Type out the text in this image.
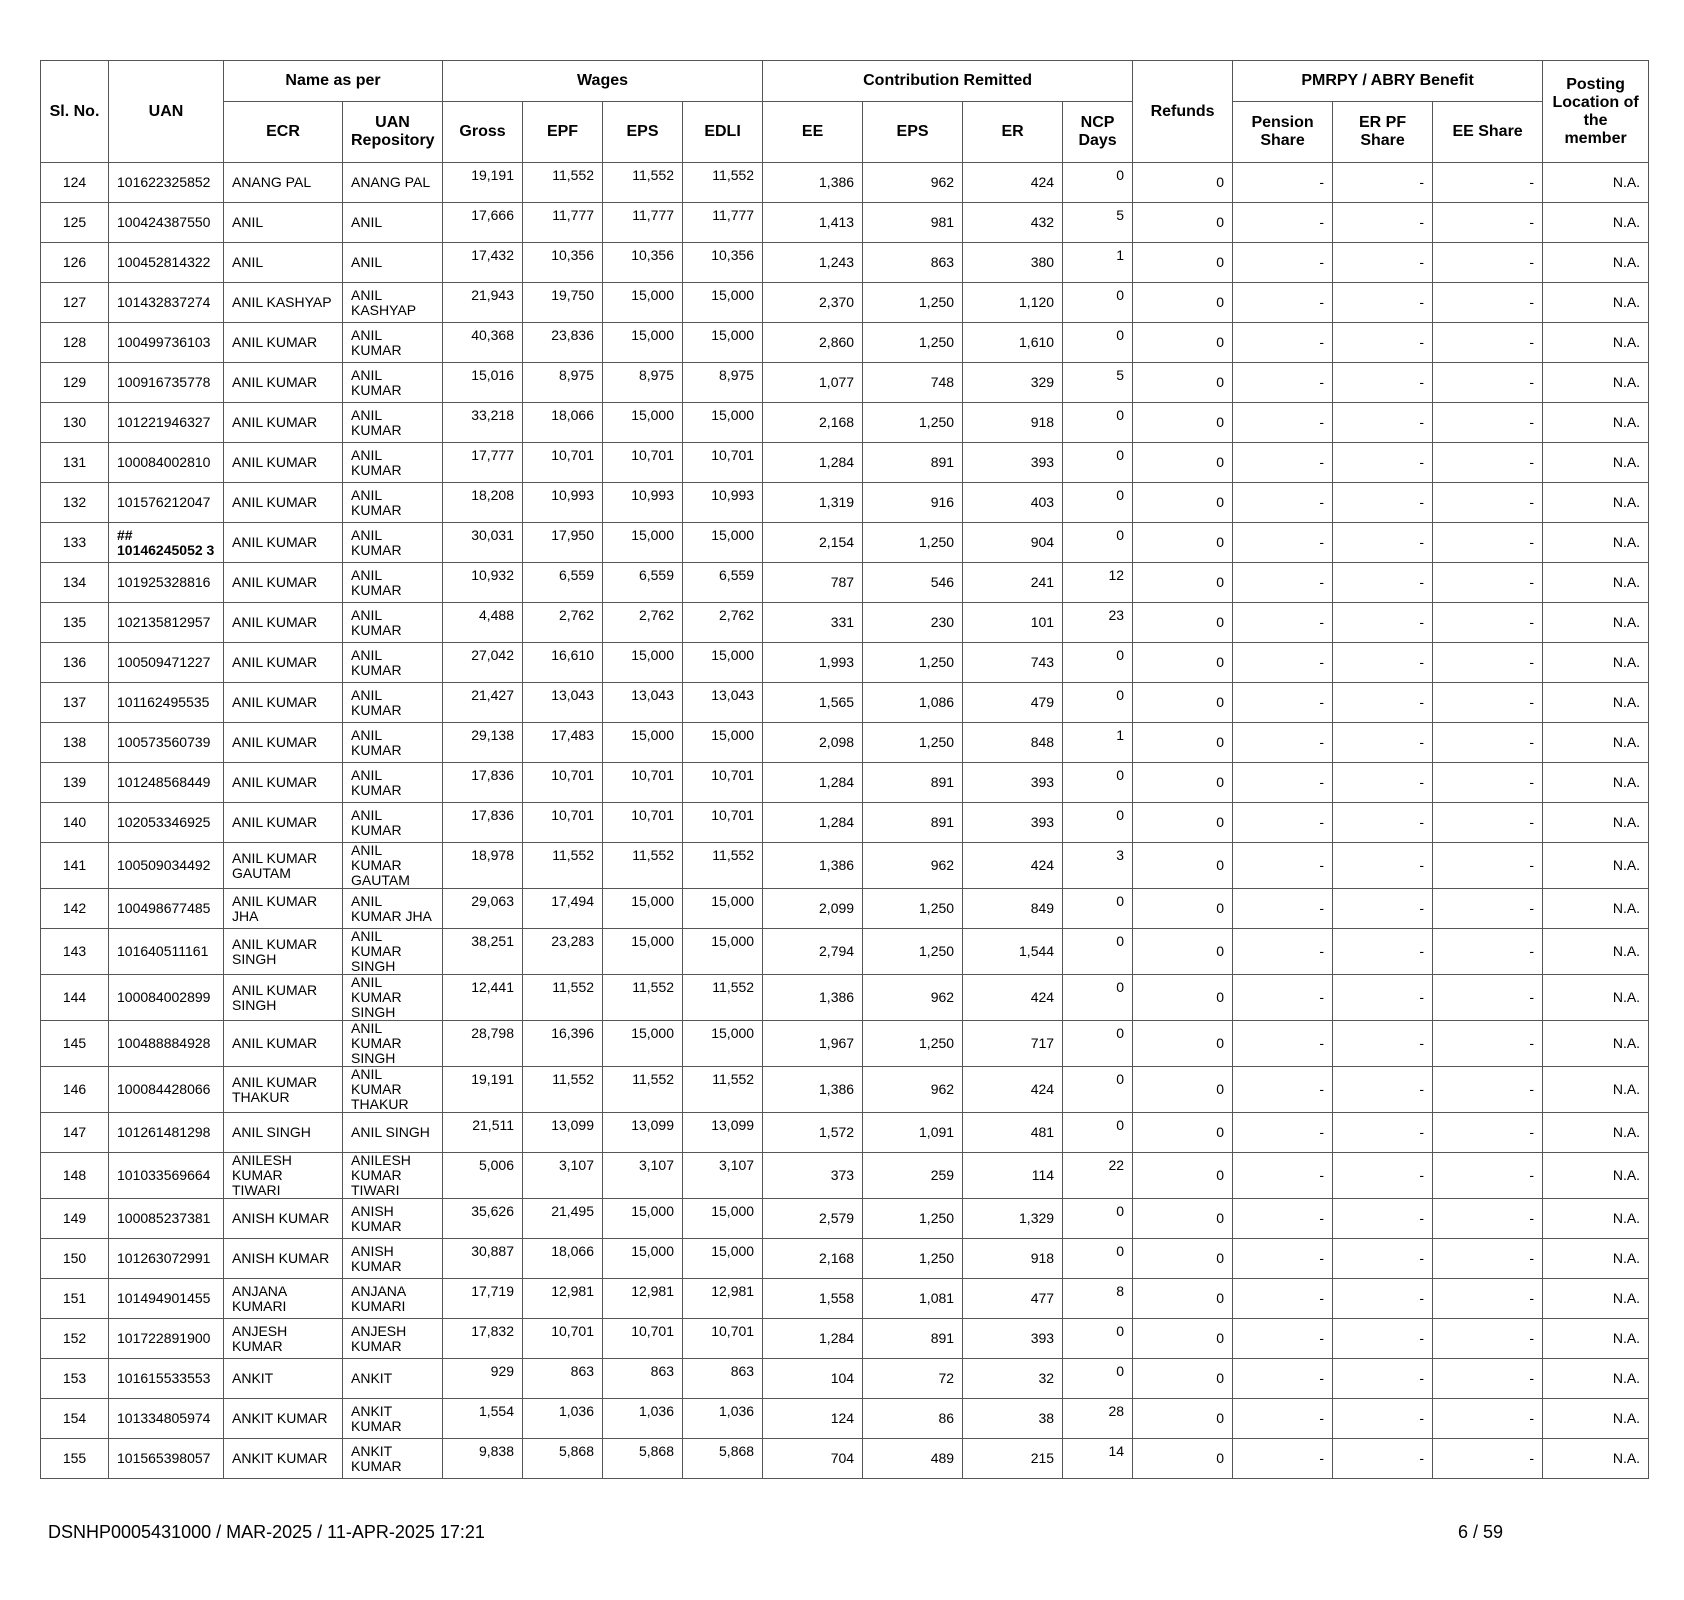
Sl. No.	UAN	Name as per		Wages				Contribution Remitted				Refunds	PMRPY / ABRY Benefit			Posting Location of the member
		ECR	UAN Repository	Gross	EPF	EPS	EDLI	EE	EPS	ER	NCP Days		Pension Share	ER PF Share	EE Share	
124	101622325852	ANANG PAL	ANANG PAL	19,191	11,552	11,552	11,552	1,386	962	424	0	0	-	-	-	N.A.
125	100424387550	ANIL	ANIL	17,666	11,777	11,777	11,777	1,413	981	432	5	0	-	-	-	N.A.
126	100452814322	ANIL	ANIL	17,432	10,356	10,356	10,356	1,243	863	380	1	0	-	-	-	N.A.
127	101432837274	ANIL KASHYAP	ANIL KASHYAP	21,943	19,750	15,000	15,000	2,370	1,250	1,120	0	0	-	-	-	N.A.
128	100499736103	ANIL KUMAR	ANIL KUMAR	40,368	23,836	15,000	15,000	2,860	1,250	1,610	0	0	-	-	-	N.A.
129	100916735778	ANIL KUMAR	ANIL KUMAR	15,016	8,975	8,975	8,975	1,077	748	329	5	0	-	-	-	N.A.
130	101221946327	ANIL KUMAR	ANIL KUMAR	33,218	18,066	15,000	15,000	2,168	1,250	918	0	0	-	-	-	N.A.
131	100084002810	ANIL KUMAR	ANIL KUMAR	17,777	10,701	10,701	10,701	1,284	891	393	0	0	-	-	-	N.A.
132	101576212047	ANIL KUMAR	ANIL KUMAR	18,208	10,993	10,993	10,993	1,319	916	403	0	0	-	-	-	N.A.
133	## 10146245052 3	ANIL KUMAR	ANIL KUMAR	30,031	17,950	15,000	15,000	2,154	1,250	904	0	0	-	-	-	N.A.
134	101925328816	ANIL KUMAR	ANIL KUMAR	10,932	6,559	6,559	6,559	787	546	241	12	0	-	-	-	N.A.
135	102135812957	ANIL KUMAR	ANIL KUMAR	4,488	2,762	2,762	2,762	331	230	101	23	0	-	-	-	N.A.
136	100509471227	ANIL KUMAR	ANIL KUMAR	27,042	16,610	15,000	15,000	1,993	1,250	743	0	0	-	-	-	N.A.
137	101162495535	ANIL KUMAR	ANIL KUMAR	21,427	13,043	13,043	13,043	1,565	1,086	479	0	0	-	-	-	N.A.
138	100573560739	ANIL KUMAR	ANIL KUMAR	29,138	17,483	15,000	15,000	2,098	1,250	848	1	0	-	-	-	N.A.
139	101248568449	ANIL KUMAR	ANIL KUMAR	17,836	10,701	10,701	10,701	1,284	891	393	0	0	-	-	-	N.A.
140	102053346925	ANIL KUMAR	ANIL KUMAR	17,836	10,701	10,701	10,701	1,284	891	393	0	0	-	-	-	N.A.
141	100509034492	ANIL KUMAR GAUTAM	ANIL KUMAR GAUTAM	18,978	11,552	11,552	11,552	1,386	962	424	3	0	-	-	-	N.A.
142	100498677485	ANIL KUMAR JHA	ANIL KUMAR JHA	29,063	17,494	15,000	15,000	2,099	1,250	849	0	0	-	-	-	N.A.
143	101640511161	ANIL KUMAR SINGH	ANIL KUMAR SINGH	38,251	23,283	15,000	15,000	2,794	1,250	1,544	0	0	-	-	-	N.A.
144	100084002899	ANIL KUMAR SINGH	ANIL KUMAR SINGH	12,441	11,552	11,552	11,552	1,386	962	424	0	0	-	-	-	N.A.
145	100488884928	ANIL KUMAR	ANIL KUMAR SINGH	28,798	16,396	15,000	15,000	1,967	1,250	717	0	0	-	-	-	N.A.
146	100084428066	ANIL KUMAR THAKUR	ANIL KUMAR THAKUR	19,191	11,552	11,552	11,552	1,386	962	424	0	0	-	-	-	N.A.
147	101261481298	ANIL SINGH	ANIL SINGH	21,511	13,099	13,099	13,099	1,572	1,091	481	0	0	-	-	-	N.A.
148	101033569664	ANILESH KUMAR TIWARI	ANILESH KUMAR TIWARI	5,006	3,107	3,107	3,107	373	259	114	22	0	-	-	-	N.A.
149	100085237381	ANISH KUMAR	ANISH KUMAR	35,626	21,495	15,000	15,000	2,579	1,250	1,329	0	0	-	-	-	N.A.
150	101263072991	ANISH KUMAR	ANISH KUMAR	30,887	18,066	15,000	15,000	2,168	1,250	918	0	0	-	-	-	N.A.
151	101494901455	ANJANA KUMARI	ANJANA KUMARI	17,719	12,981	12,981	12,981	1,558	1,081	477	8	0	-	-	-	N.A.
152	101722891900	ANJESH KUMAR	ANJESH KUMAR	17,832	10,701	10,701	10,701	1,284	891	393	0	0	-	-	-	N.A.
153	101615533553	ANKIT	ANKIT	929	863	863	863	104	72	32	0	0	-	-	-	N.A.
154	101334805974	ANKIT KUMAR	ANKIT KUMAR	1,554	1,036	1,036	1,036	124	86	38	28	0	-	-	-	N.A.
155	101565398057	ANKIT KUMAR	ANKIT KUMAR	9,838	5,868	5,868	5,868	704	489	215	14	0	-	-	-	N.A.
DSNHP0005431000 / MAR-2025 / 11-APR-2025 17:21	6 / 59
